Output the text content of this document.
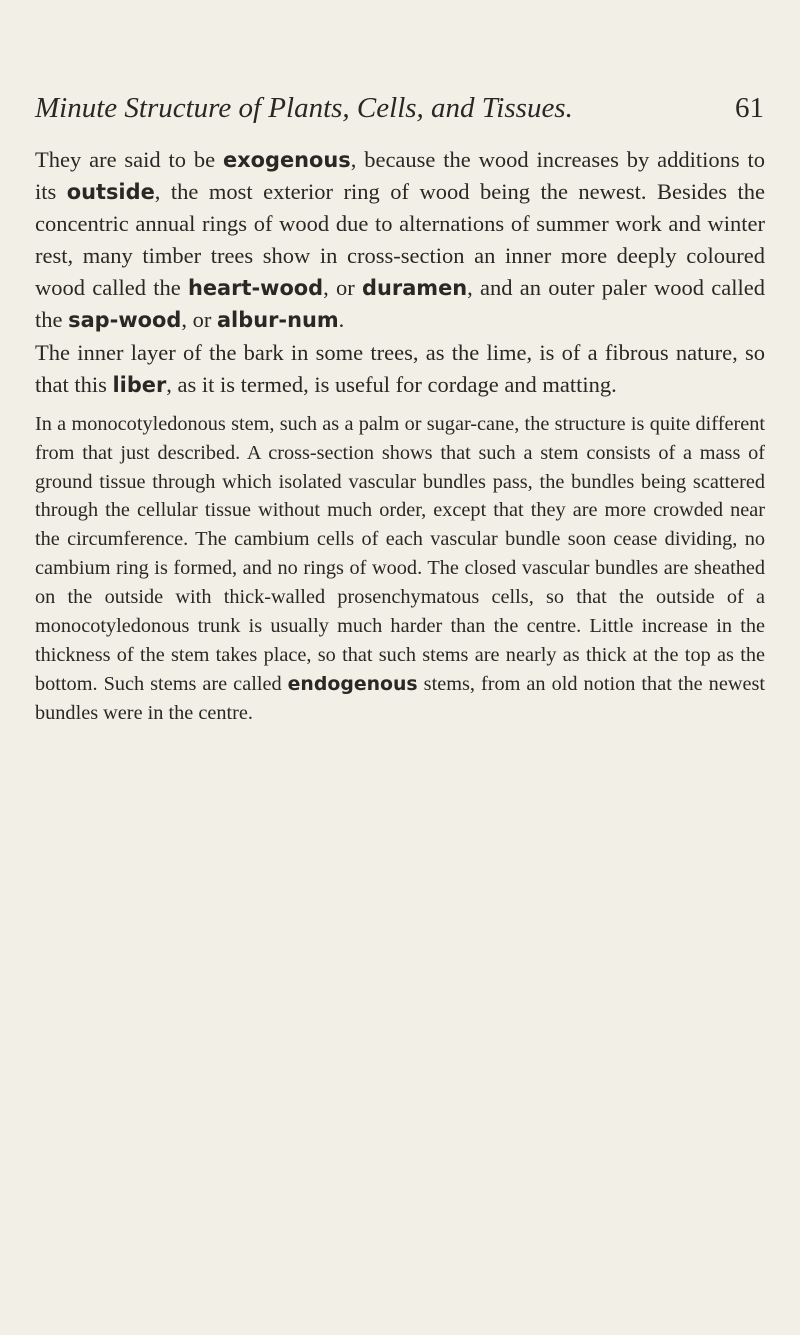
Minute Structure of Plants, Cells, and Tissues.	61

They are said to be exogenous, because the wood increases by additions to its outside, the most exterior ring of wood being the newest. Besides the concentric annual rings of wood due to alternations of summer work and winter rest, many timber trees show in cross-section an inner more deeply coloured wood called the heart-wood, or duramen, and an outer paler wood called the sap-wood, or albur-num.

The inner layer of the bark in some trees, as the lime, is of a fibrous nature, so that this liber, as it is termed, is useful for cordage and matting.

In a monocotyledonous stem, such as a palm or sugar-cane, the structure is quite different from that just described. A cross-section shows that such a stem consists of a mass of ground tissue through which isolated vascular bundles pass, the bundles being scattered through the cellular tissue without much order, except that they are more crowded near the circumference. The cambium cells of each vascular bundle soon cease dividing, no cambium ring is formed, and no rings of wood. The closed vascular bundles are sheathed on the outside with thick-walled prosenchymatous cells, so that the outside of a monocotyledonous trunk is usually much harder than the centre. Little increase in the thickness of the stem takes place, so that such stems are nearly as thick at the top as the bottom. Such stems are called endogenous stems, from an old notion that the newest bundles were in the centre.
